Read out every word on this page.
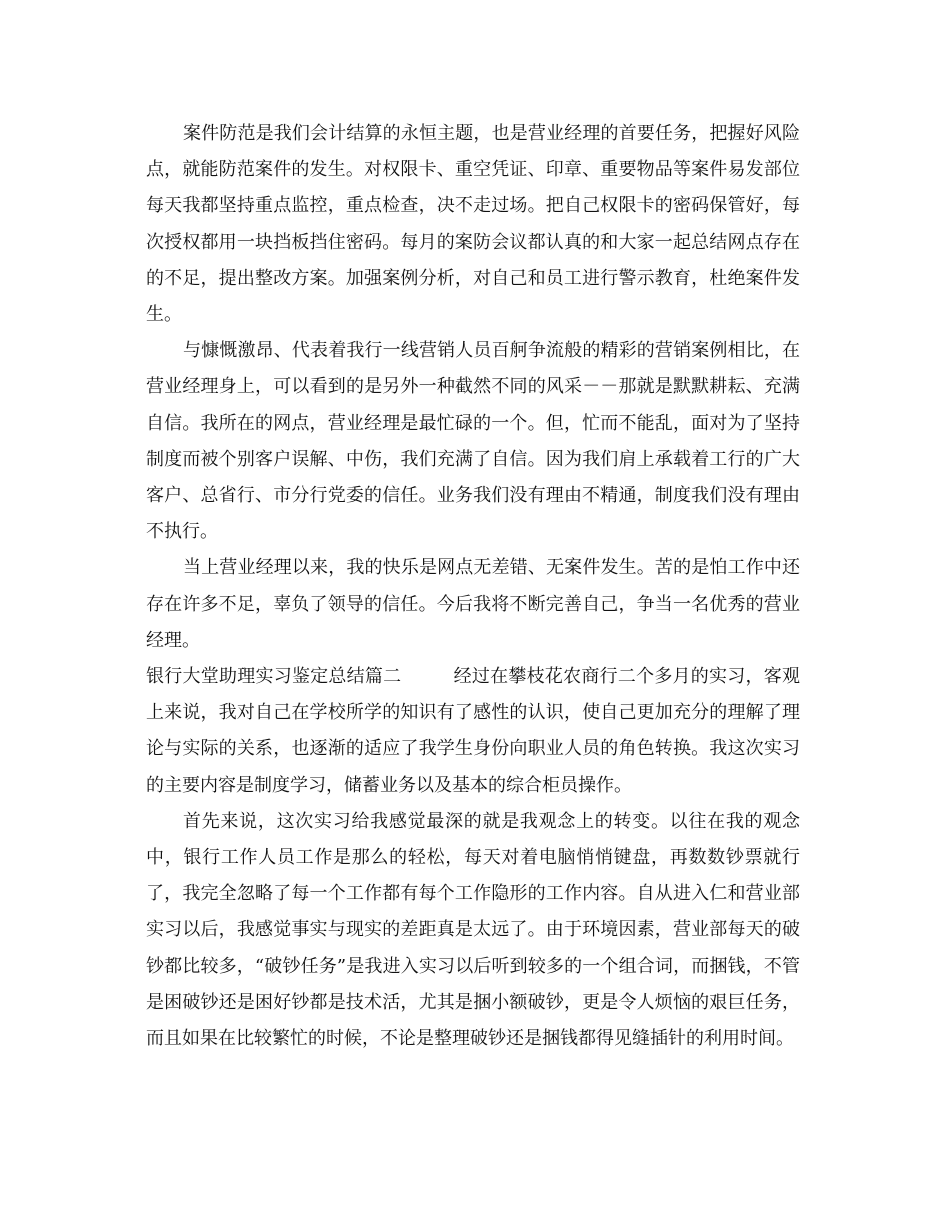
案件防范是我们会计结算的永恒主题，也是营业经理的首要任务，把握好风险点，就能防范案件的发生。对权限卡、重空凭证、印章、重要物品等案件易发部位每天我都坚持重点监控，重点检查，决不走过场。把自己权限卡的密码保管好，每次授权都用一块挡板挡住密码。每月的案防会议都认真的和大家一起总结网点存在的不足，提出整改方案。加强案例分析，对自己和员工进行警示教育，杜绝案件发生。

与慷慨激昂、代表着我行一线营销人员百舸争流般的精彩的营销案例相比，在营业经理身上，可以看到的是另外一种截然不同的风采－－那就是默默耕耘、充满自信。我所在的网点，营业经理是最忙碌的一个。但，忙而不能乱，面对为了坚持制度而被个别客户误解、中伤，我们充满了自信。因为我们肩上承载着工行的广大客户、总省行、市分行党委的信任。业务我们没有理由不精通，制度我们没有理由不执行。

当上营业经理以来，我的快乐是网点无差错、无案件发生。苦的是怕工作中还存在许多不足，辜负了领导的信任。今后我将不断完善自己，争当一名优秀的营业经理。

银行大堂助理实习鉴定总结篇二	经过在攀枝花农商行二个多月的实习，客观上来说，我对自己在学校所学的知识有了感性的认识，使自己更加充分的理解了理论与实际的关系，也逐渐的适应了我学生身份向职业人员的角色转换。我这次实习的主要内容是制度学习，储蓄业务以及基本的综合柜员操作。

首先来说，这次实习给我感觉最深的就是我观念上的转变。以往在我的观念中，银行工作人员工作是那么的轻松，每天对着电脑悄悄键盘，再数数钞票就行了，我完全忽略了每一个工作都有每个工作隐形的工作内容。自从进入仁和营业部实习以后，我感觉事实与现实的差距真是太远了。由于环境因素，营业部每天的破钞都比较多，“破钞任务”是我进入实习以后听到较多的一个组合词，而捆钱，不管是困破钞还是困好钞都是技术活，尤其是捆小额破钞，更是令人烦恼的艰巨任务，而且如果在比较繁忙的时候，不论是整理破钞还是捆钱都得见缝插针的利用时间。
